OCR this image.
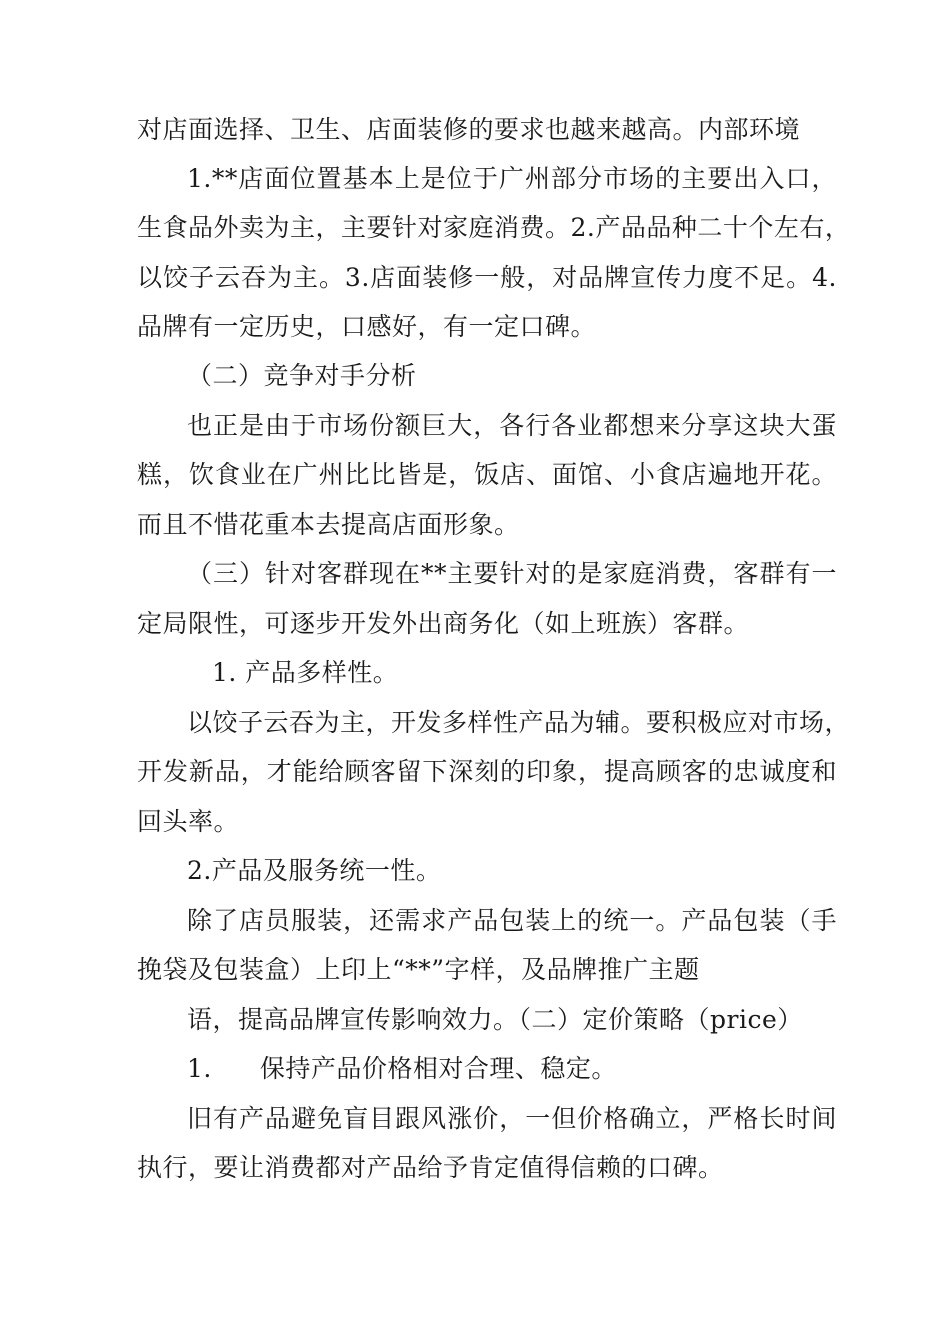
对店面选择、卫生、店面装修的要求也越来越高。内部环境
1.**店面位置基本上是位于广州部分市场的主要出入口，
生食品外卖为主，主要针对家庭消费。2.产品品种二十个左右，
以饺子云吞为主。3.店面装修一般，对品牌宣传力度不足。4.
品牌有一定历史，口感好，有一定口碑。
（二）竞争对手分析
也正是由于市场份额巨大，各行各业都想来分享这块大蛋
糕，饮食业在广州比比皆是，饭店、面馆、小食店遍地开花。
而且不惜花重本去提高店面形象。
（三）针对客群现在**主要针对的是家庭消费，客群有一
定局限性，可逐步开发外出商务化（如上班族）客群。
1. 产品多样性。
以饺子云吞为主，开发多样性产品为辅。要积极应对市场，
开发新品，才能给顾客留下深刻的印象，提高顾客的忠诚度和
回头率。
2.产品及服务统一性。
除了店员服装，还需求产品包装上的统一。产品包装（手
挽袋及包装盒）上印上“**”字样，及品牌推广主题
语，提高品牌宣传影响效力。（二）定价策略（price）
1. 保持产品价格相对合理、稳定。
旧有产品避免盲目跟风涨价，一但价格确立，严格长时间
执行，要让消费都对产品给予肯定值得信赖的口碑。
